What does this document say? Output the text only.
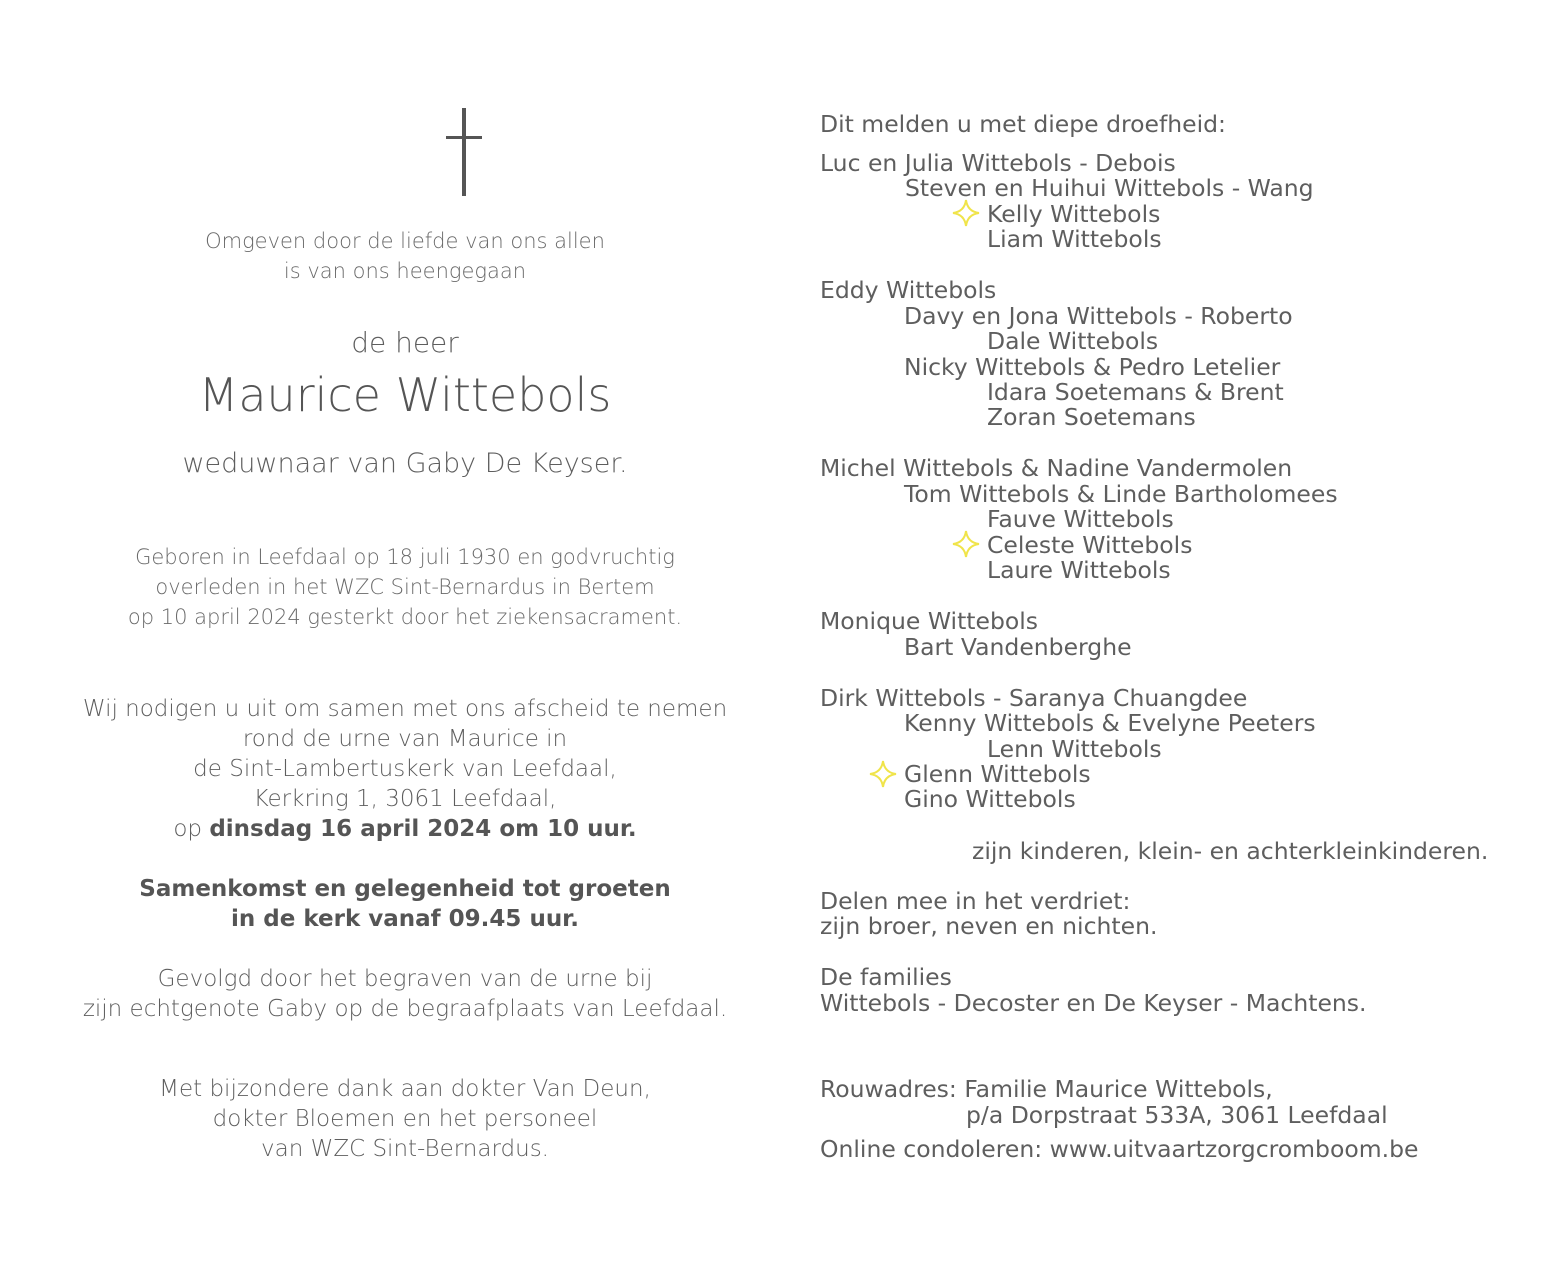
Omgeven door de liefde van ons allen
is van ons heengegaan
de heer
Maurice Wittebols
weduwnaar van Gaby De Keyser.
Geboren in Leefdaal op 18 juli 1930 en godvruchtig
overleden in het WZC Sint-Bernardus in Bertem
op 10 april 2024 gesterkt door het ziekensacrament.
Wij nodigen u uit om samen met ons afscheid te nemen
rond de urne van Maurice in
de Sint-Lambertuskerk van Leefdaal,
Kerkring 1, 3061 Leefdaal,
op dinsdag 16 april 2024 om 10 uur.
Samenkomst en gelegenheid tot groeten
in de kerk vanaf 09.45 uur.
Gevolgd door het begraven van de urne bij
zijn echtgenote Gaby op de begraafplaats van Leefdaal.
Met bijzondere dank aan dokter Van Deun,
dokter Bloemen en het personeel
van WZC Sint-Bernardus.
Dit melden u met diepe droefheid:
Luc en Julia Wittebols - Debois
Steven en Huihui Wittebols - Wang
Kelly Wittebols
Liam Wittebols
Eddy Wittebols
Davy en Jona Wittebols - Roberto
Dale Wittebols
Nicky Wittebols & Pedro Letelier
Idara Soetemans & Brent
Zoran Soetemans
Michel Wittebols & Nadine Vandermolen
Tom Wittebols & Linde Bartholomees
Fauve Wittebols
Celeste Wittebols
Laure Wittebols
Monique Wittebols
Bart Vandenberghe
Dirk Wittebols - Saranya Chuangdee
Kenny Wittebols & Evelyne Peeters
Lenn Wittebols
Glenn Wittebols
Gino Wittebols
zijn kinderen, klein- en achterkleinkinderen.
Delen mee in het verdriet:
zijn broer, neven en nichten.
De families
Wittebols - Decoster en De Keyser - Machtens.
Rouwadres: Familie Maurice Wittebols,
p/a Dorpstraat 533A, 3061 Leefdaal
Online condoleren: www.uitvaartzorgcromboom.be
